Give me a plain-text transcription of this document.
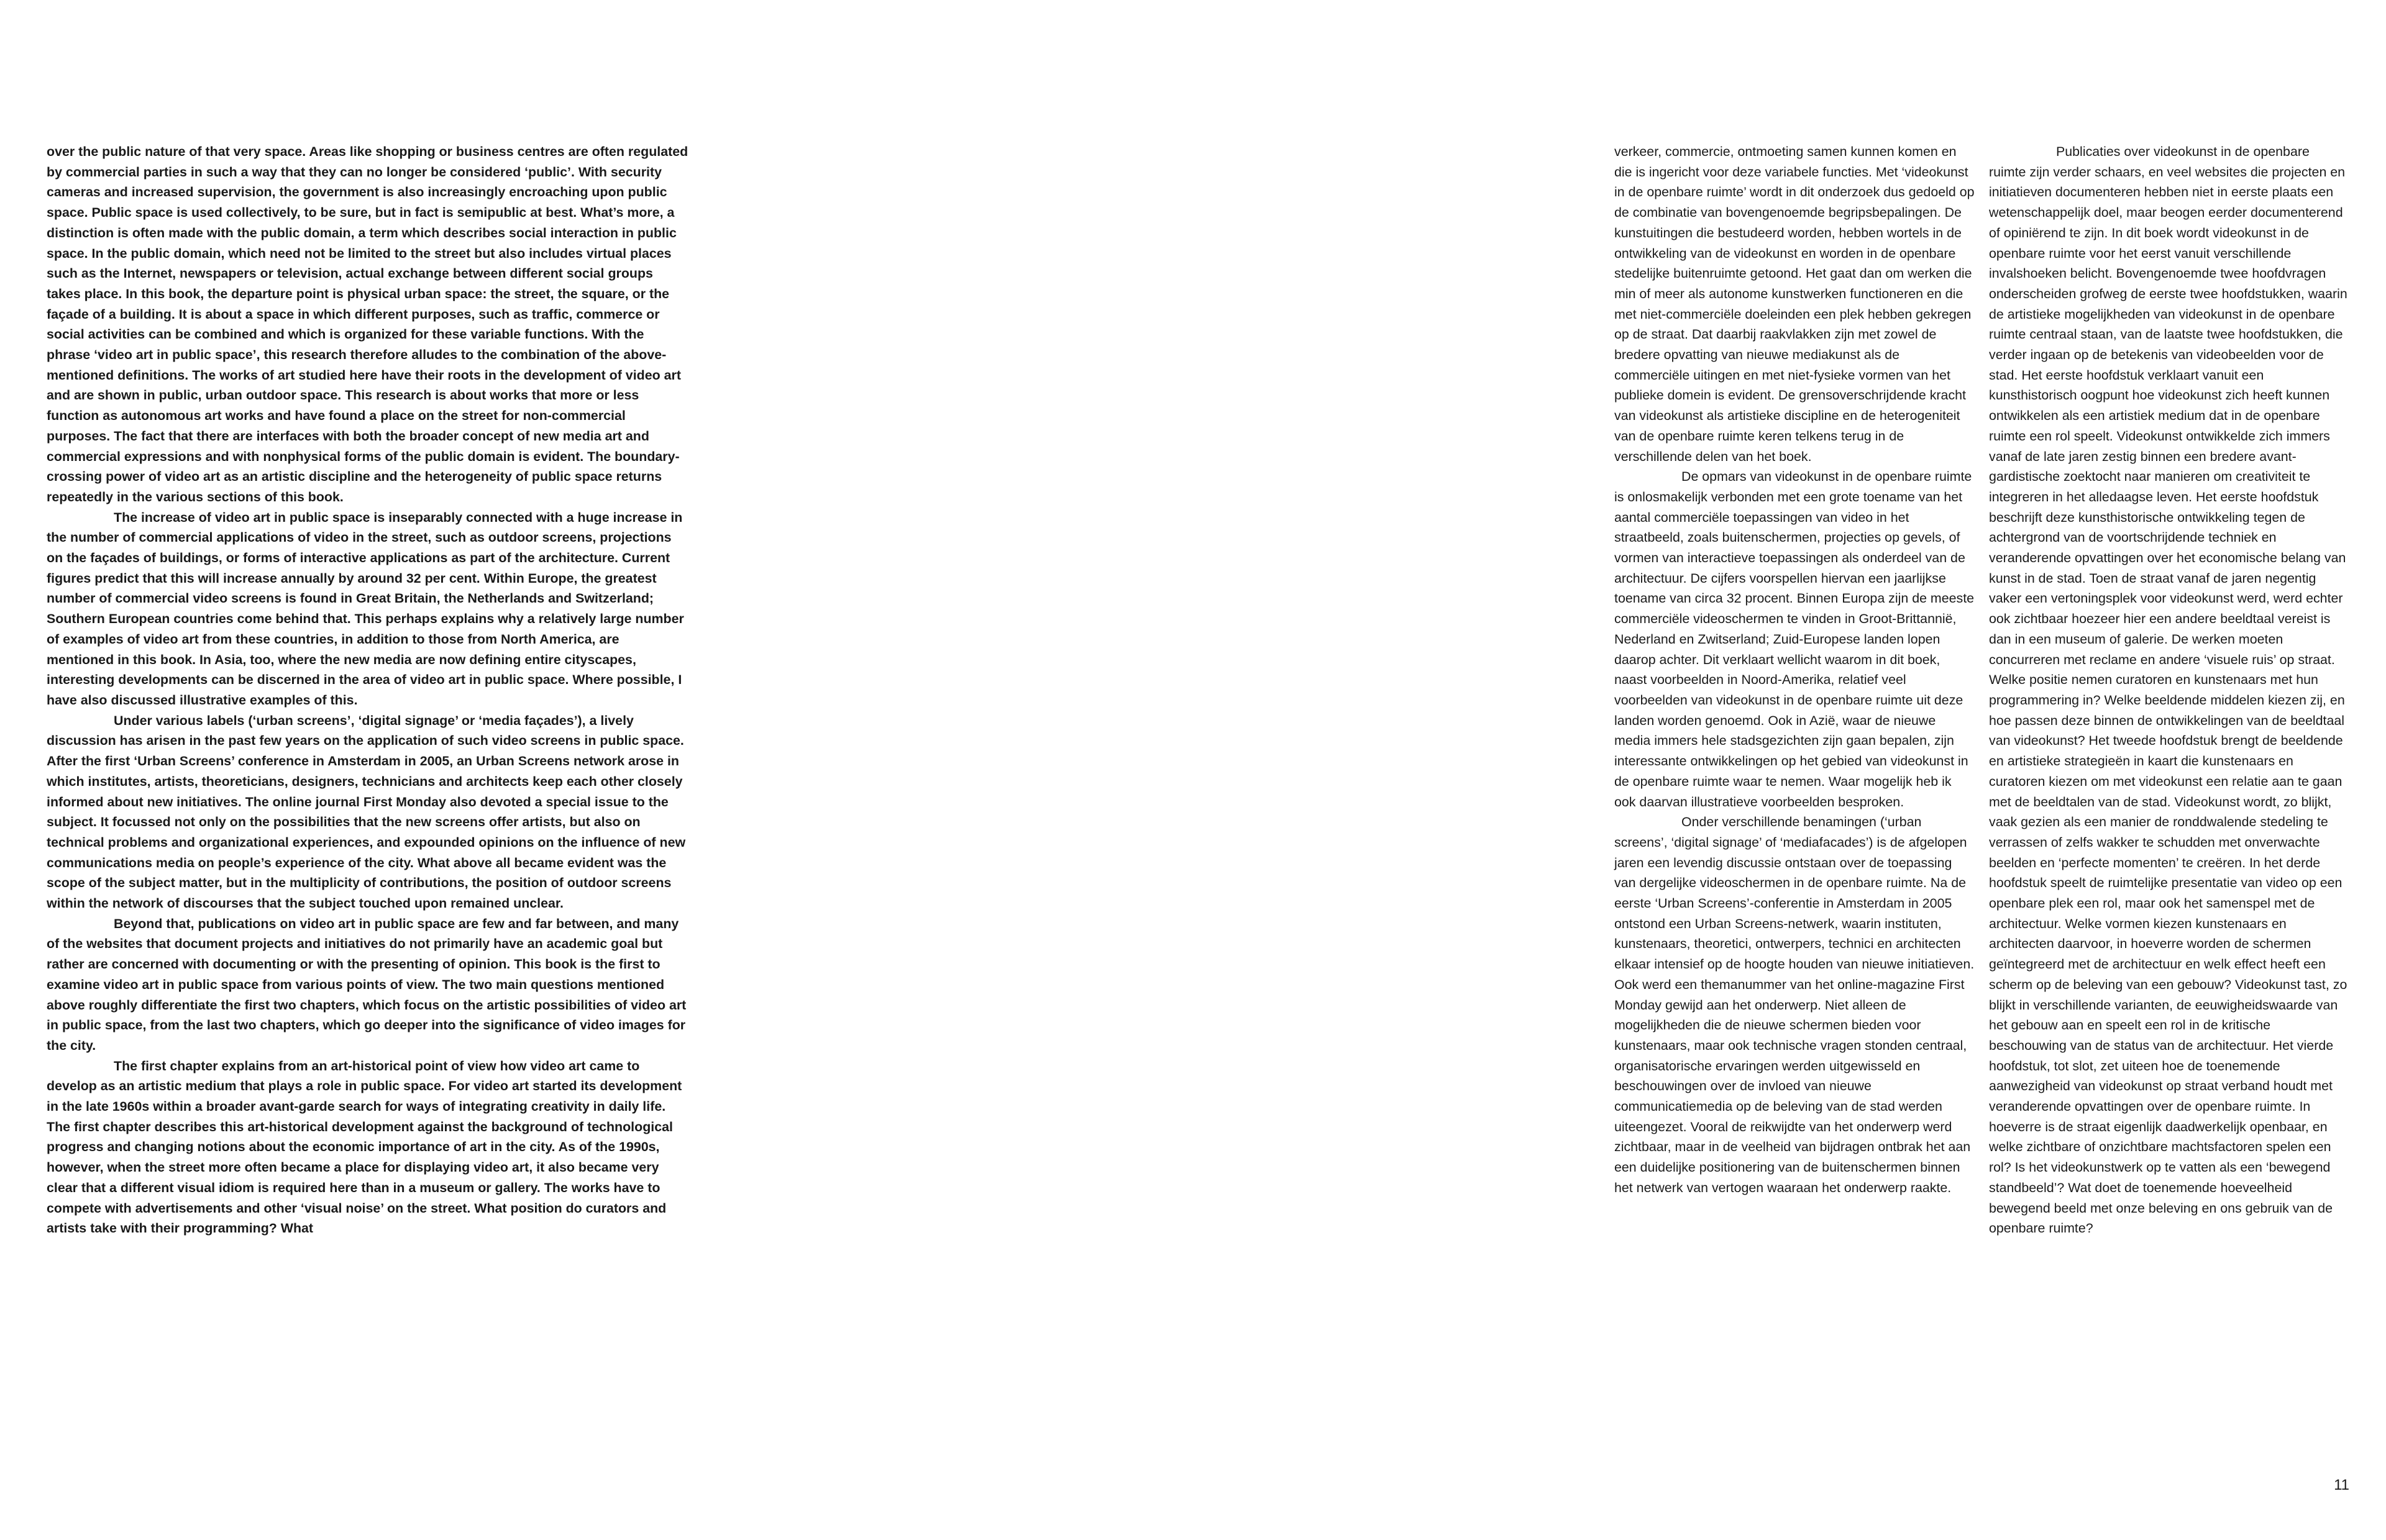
over the public nature of that very space. Areas like shopping or business centres are often regulated by commercial parties in such a way that they can no longer be considered ‘public’. With security cameras and increased supervision, the government is also increasingly encroaching upon public space. Public space is used collectively, to be sure, but in fact is semipublic at best. What’s more, a distinction is often made with the public domain, a term which describes social interaction in public space. In the public domain, which need not be limited to the street but also includes virtual places such as the Internet, newspapers or television, actual exchange between different social groups takes place. In this book, the departure point is physical urban space: the street, the square, or the façade of a building. It is about a space in which different purposes, such as traffic, commerce or social activities can be combined and which is organized for these variable functions. With the phrase ‘video art in public space’, this research therefore alludes to the combination of the above-mentioned definitions. The works of art studied here have their roots in the development of video art and are shown in public, urban outdoor space. This research is about works that more or less function as autonomous art works and have found a place on the street for non-commercial purposes. The fact that there are interfaces with both the broader concept of new media art and commercial expressions and with nonphysical forms of the public domain is evident. The boundary-crossing power of video art as an artistic discipline and the heterogeneity of public space returns repeatedly in the various sections of this book.

The increase of video art in public space is inseparably connected with a huge increase in the number of commercial applications of video in the street, such as outdoor screens, projections on the façades of buildings, or forms of interactive applications as part of the architecture. Current figures predict that this will increase annually by around 32 per cent. Within Europe, the greatest number of commercial video screens is found in Great Britain, the Netherlands and Switzerland; Southern European countries come behind that. This perhaps explains why a relatively large number of examples of video art from these countries, in addition to those from North America, are mentioned in this book. In Asia, too, where the new media are now defining entire cityscapes, interesting developments can be discerned in the area of video art in public space. Where possible, I have also discussed illustrative examples of this.

Under various labels (‘urban screens’, ‘digital signage’ or ‘media façades’), a lively discussion has arisen in the past few years on the application of such video screens in public space. After the first ‘Urban Screens’ conference in Amsterdam in 2005, an Urban Screens network arose in which institutes, artists, theoreticians, designers, technicians and architects keep each other closely informed about new initiatives. The online journal First Monday also devoted a special issue to the subject. It focussed not only on the possibilities that the new screens offer artists, but also on technical problems and organizational experiences, and expounded opinions on the influence of new communications media on people’s experience of the city. What above all became evident was the scope of the subject matter, but in the multiplicity of contributions, the position of outdoor screens within the network of discourses that the subject touched upon remained unclear.

Beyond that, publications on video art in public space are few and far between, and many of the websites that document projects and initiatives do not primarily have an academic goal but rather are concerned with documenting or with the presenting of opinion. This book is the first to examine video art in public space from various points of view. The two main questions mentioned above roughly differentiate the first two chapters, which focus on the artistic possibilities of video art in public space, from the last two chapters, which go deeper into the significance of video images for the city.

The first chapter explains from an art-historical point of view how video art came to develop as an artistic medium that plays a role in public space. For video art started its development in the late 1960s within a broader avant-garde search for ways of integrating creativity in daily life. The first chapter describes this art-historical development against the background of technological progress and changing notions about the economic importance of art in the city. As of the 1990s, however, when the street more often became a place for displaying video art, it also became very clear that a different visual idiom is required here than in a museum or gallery. The works have to compete with advertisements and other ‘visual noise’ on the street. What position do curators and artists take with their programming? What

verkeer, commercie, ontmoeting samen kunnen komen en die is ingericht voor deze variabele functies. Met ‘videokunst in de openbare ruimte’ wordt in dit onderzoek dus gedoeld op de combinatie van bovengenoemde begripsbepalingen. De kunstuitingen die bestudeerd worden, hebben wortels in de ontwikkeling van de videokunst en worden in de openbare stedelijke buitenruimte getoond. Het gaat dan om werken die min of meer als autonome kunstwerken functioneren en die met niet-commerciële doeleinden een plek hebben gekregen op de straat. Dat daarbij raakvlakken zijn met zowel de bredere opvatting van nieuwe mediakunst als de commerciële uitingen en met niet-fysieke vormen van het publieke domein is evident. De grensoverschrijdende kracht van videokunst als artistieke discipline en de heterogeniteit van de openbare ruimte keren telkens terug in de verschillende delen van het boek.

De opmars van videokunst in de openbare ruimte is onlosmakelijk verbonden met een grote toename van het aantal commerciële toepassingen van video in het straatbeeld, zoals buitenschermen, projecties op gevels, of vormen van interactieve toepassingen als onderdeel van de architectuur. De cijfers voorspellen hiervan een jaarlijkse toename van circa 32 procent. Binnen Europa zijn de meeste commerciële videoschermen te vinden in Groot-Brittannië, Nederland en Zwitserland; Zuid-Europese landen lopen daarop achter. Dit verklaart wellicht waarom in dit boek, naast voorbeelden in Noord-Amerika, relatief veel voorbeelden van videokunst in de openbare ruimte uit deze landen worden genoemd. Ook in Azië, waar de nieuwe media immers hele stadsgezichten zijn gaan bepalen, zijn interessante ontwikkelingen op het gebied van videokunst in de openbare ruimte waar te nemen. Waar mogelijk heb ik ook daarvan illustratieve voorbeelden besproken.

Onder verschillende benamingen (‘urban screens’, ‘digital signage’ of ‘mediafacades’) is de afgelopen jaren een levendig discussie ontstaan over de toepassing van dergelijke videoschermen in de openbare ruimte. Na de eerste ‘Urban Screens’-conferentie in Amsterdam in 2005 ontstond een Urban Screens-netwerk, waarin instituten, kunstenaars, theoretici, ontwerpers, technici en architecten elkaar intensief op de hoogte houden van nieuwe initiatieven. Ook werd een themanummer van het online-magazine First Monday gewijd aan het onderwerp. Niet alleen de mogelijkheden die de nieuwe schermen bieden voor kunstenaars, maar ook technische vragen stonden centraal, organisatorische ervaringen werden uitgewisseld en beschouwingen over de invloed van nieuwe communicatiemedia op de beleving van de stad werden uiteengezet. Vooral de reikwijdte van het onderwerp werd zichtbaar, maar in de veelheid van bijdragen ontbrak het aan een duidelijke positionering van de buitenschermen binnen het netwerk van vertogen waaraan het onderwerp raakte.

Publicaties over videokunst in de openbare ruimte zijn verder schaars, en veel websites die projecten en initiatieven documenteren hebben niet in eerste plaats een wetenschappelijk doel, maar beogen eerder documenterend of opiniërend te zijn. In dit boek wordt videokunst in de openbare ruimte voor het eerst vanuit verschillende invalshoeken belicht. Bovengenoemde twee hoofdvragen onderscheiden grofweg de eerste twee hoofdstukken, waarin de artistieke mogelijkheden van videokunst in de openbare ruimte centraal staan, van de laatste twee hoofdstukken, die verder ingaan op de betekenis van videobeelden voor de stad. Het eerste hoofdstuk verklaart vanuit een kunsthistorisch oogpunt hoe videokunst zich heeft kunnen ontwikkelen als een artistiek medium dat in de openbare ruimte een rol speelt. Videokunst ontwikkelde zich immers vanaf de late jaren zestig binnen een bredere avant-gardistische zoektocht naar manieren om creativiteit te integreren in het alledaagse leven. Het eerste hoofdstuk beschrijft deze kunsthistorische ontwikkeling tegen de achtergrond van de voortschrijdende techniek en veranderende opvattingen over het economische belang van kunst in de stad. Toen de straat vanaf de jaren negentig vaker een vertoningsplek voor videokunst werd, werd echter ook zichtbaar hoezeer hier een andere beeldtaal vereist is dan in een museum of galerie. De werken moeten concurreren met reclame en andere ‘visuele ruis’ op straat. Welke positie nemen curatoren en kunstenaars met hun programmering in? Welke beeldende middelen kiezen zij, en hoe passen deze binnen de ontwikkelingen van de beeldtaal van videokunst? Het tweede hoofdstuk brengt de beeldende en artistieke strategieën in kaart die kunstenaars en curatoren kiezen om met videokunst een relatie aan te gaan met de beeldtalen van de stad. Videokunst wordt, zo blijkt, vaak gezien als een manier de ronddwalende stedeling te verrassen of zelfs wakker te schudden met onverwachte beelden en ‘perfecte momenten’ te creëren. In het derde hoofdstuk speelt de ruimtelijke presentatie van video op een openbare plek een rol, maar ook het samenspel met de architectuur. Welke vormen kiezen kunstenaars en architecten daarvoor, in hoeverre worden de schermen geïntegreerd met de architectuur en welk effect heeft een scherm op de beleving van een gebouw? Videokunst tast, zo blijkt in verschillende varianten, de eeuwigheidswaarde van het gebouw aan en speelt een rol in de kritische beschouwing van de status van de architectuur. Het vierde hoofdstuk, tot slot, zet uiteen hoe de toenemende aanwezigheid van videokunst op straat verband houdt met veranderende opvattingen over de openbare ruimte. In hoeverre is de straat eigenlijk daadwerkelijk openbaar, en welke zichtbare of onzichtbare machtsfactoren spelen een rol? Is het videokunstwerk op te vatten als een ‘bewegend standbeeld’? Wat doet de toenemende hoeveelheid bewegend beeld met onze beleving en ons gebruik van de openbare ruimte?

11
